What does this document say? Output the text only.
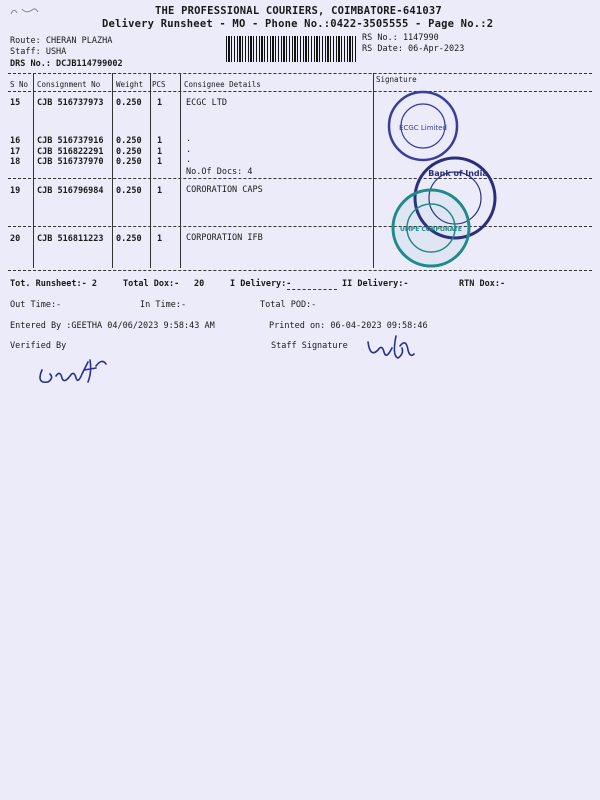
THE PROFESSIONAL COURIERS, COIMBATORE-641037
Delivery Runsheet - MO - Phone No.:0422-3505555 - Page No.:2
Route: CHERAN PLAZHA
Staff: USHA
DRS No.: DCJB114799002
RS No.: 1147990
RS Date: 06-Apr-2023
S No Consignment No Weight PCS Consignee Details
Signature
15 CJB 516737973 0.250 1	ECGC LTD
16 CJB 516737916 0.250 1	.
17 CJB 516822291 0.250 1	.
18 CJB 516737970 0.250 1	.
No.Of Docs: 4
19 CJB 516796984 0.250 1	CORORATION CAPS
20 CJB 516811223 0.250 1	CORPORATION IFB
ECGC Limited
Bank of India
UMPE CORPORATE
Tot. Runsheet:- 2	Total Dox:- 20	I Delivery:-	II Delivery:-	RTN Dox:-
Out Time:-	In Time:-	Total POD:-
Entered By :GEETHA 04/06/2023 9:58:43 AM	Printed on: 06-04-2023 09:58:46
Verified By	Staff Signature
